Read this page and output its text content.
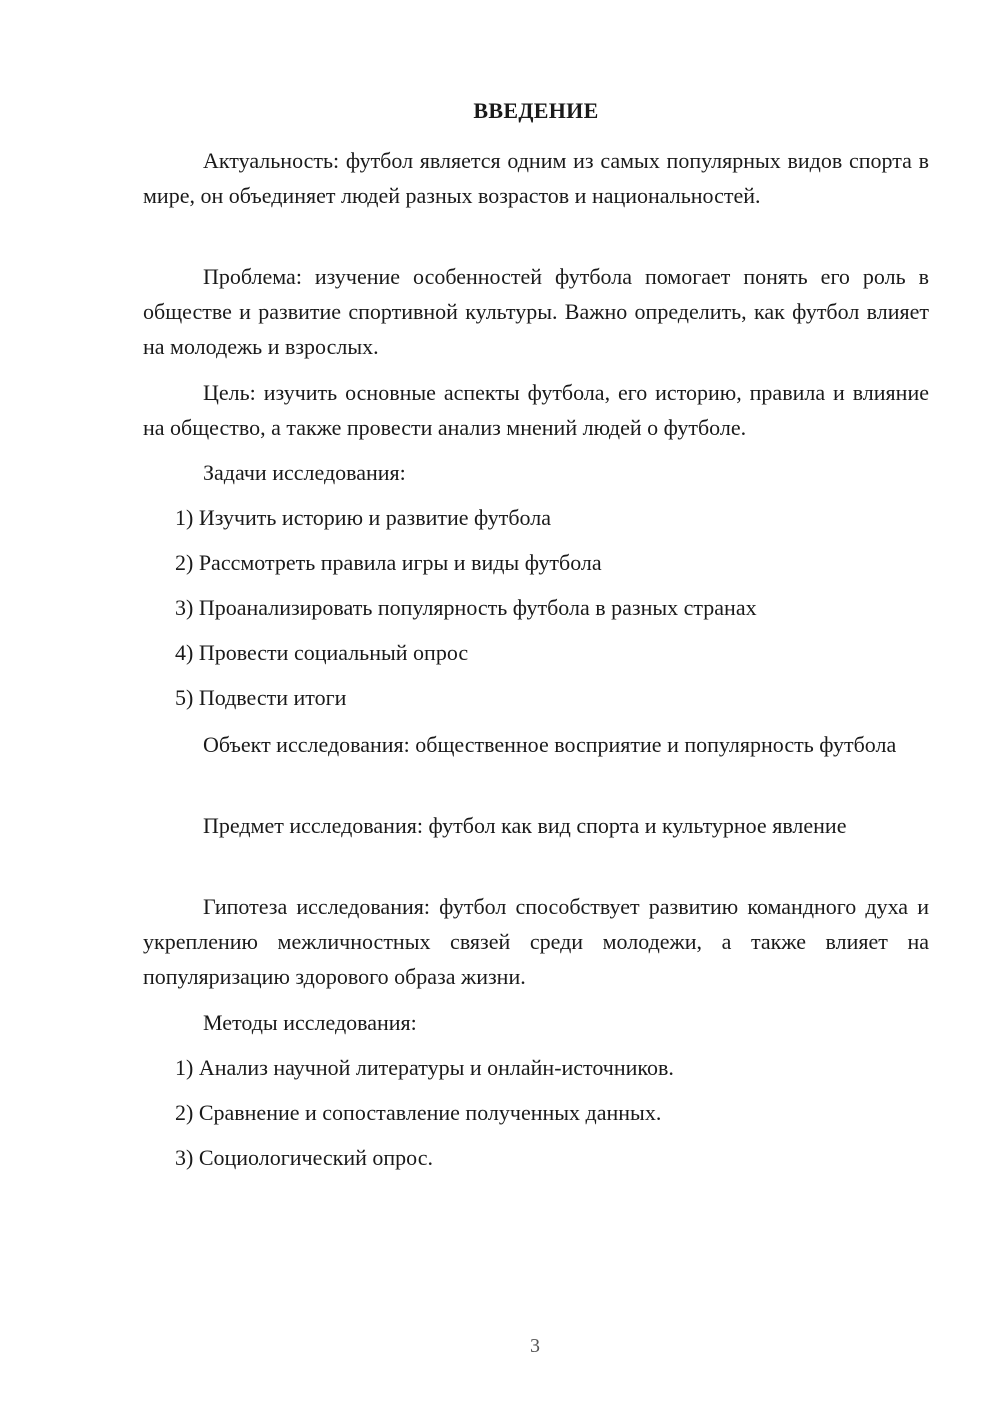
ВВЕДЕНИЕ

Актуальность: футбол является одним из самых популярных видов спорта в мире, он объединяет людей разных возрастов и национальностей.

Проблема: изучение особенностей футбола помогает понять его роль в обществе и развитие спортивной культуры. Важно определить, как футбол влияет на молодежь и взрослых.

Цель: изучить основные аспекты футбола, его историю, правила и влияние на общество, а также провести анализ мнений людей о футболе.

Задачи исследования:

1) Изучить историю и развитие футбола

2) Рассмотреть правила игры и виды футбола

3) Проанализировать популярность футбола в разных странах

4) Провести социальный опрос

5) Подвести итоги

Объект исследования: общественное восприятие и популярность футбола

Предмет исследования: футбол как вид спорта и культурное явление

Гипотеза исследования: футбол способствует развитию командного духа и укреплению межличностных связей среди молодежи, а также влияет на популяризацию здорового образа жизни.

Методы исследования:

1) Анализ научной литературы и онлайн-источников.

2) Сравнение и сопоставление полученных данных.

3) Социологический опрос.

3
